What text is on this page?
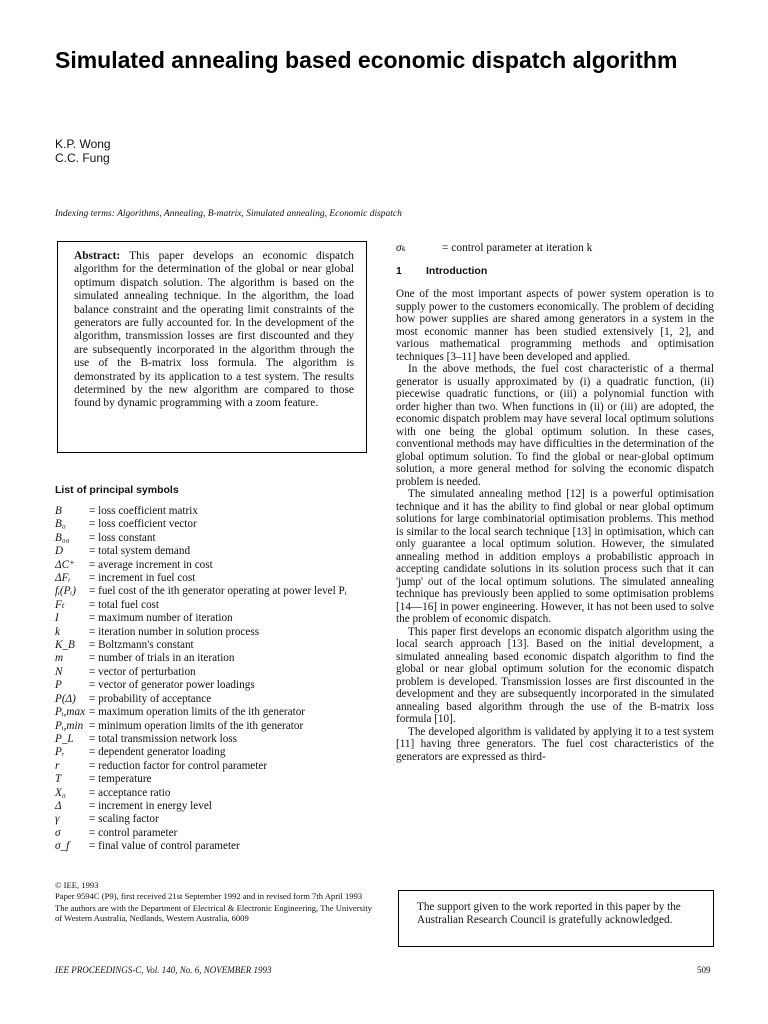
Simulated annealing based economic dispatch algorithm
K.P. Wong
C.C. Fung
Indexing terms: Algorithms, Annealing, B-matrix, Simulated annealing, Economic dispatch
Abstract: This paper develops an economic dispatch algorithm for the determination of the global or near global optimum dispatch solution. The algorithm is based on the simulated annealing technique. In the algorithm, the load balance constraint and the operating limit constraints of the generators are fully accounted for. In the development of the algorithm, transmission losses are first discounted and they are subsequently incorporated in the algorithm through the use of the B-matrix loss formula. The algorithm is demonstrated by its application to a test system. The results determined by the new algorithm are compared to those found by dynamic programming with a zoom feature.
List of principal symbols
B	= loss coefficient matrix
B₀	= loss coefficient vector
B₀₀	= loss constant
D	= total system demand
ΔC⁺	= average increment in cost
ΔFᵢ	= increment in fuel cost
fᵢ(Pᵢ)	= fuel cost of the ith generator operating at power level Pᵢ
Fₜ	= total fuel cost
I	= maximum number of iteration
k	= iteration number in solution process
K_B	= Boltzmann's constant
m	= number of trials in an iteration
N	= vector of perturbation
P	= vector of generator power loadings
P(Δ)	= probability of acceptance
Pᵢ,max = maximum operation limits of the ith generator
Pᵢ,min = minimum operation limits of the ith generator
P_L	= total transmission network loss
Pᵣ	= dependent generator loading
r	= reduction factor for control parameter
T	= temperature
X₀	= acceptance ratio
Δ	= increment in energy level
γ	= scaling factor
σ	= control parameter
σ_f	= final value of control parameter
© IEE, 1993
Paper 9594C (P9), first received 21st September 1992 and in revised form 7th April 1993
The authors are with the Department of Electrical & Electronic Engineering, The University of Western Australia, Nedlands, Western Australia, 6009
IEE PROCEEDINGS-C, Vol. 140, No. 6, NOVEMBER 1993	509
σₖ	= control parameter at iteration k
1 Introduction

One of the most important aspects of power system operation is to supply power to the customers economically. The problem of deciding how power supplies are shared among generators in a system in the most economic manner has been studied extensively [1, 2], and various mathematical programming methods and optimisation techniques [3–11] have been developed and applied.

In the above methods, the fuel cost characteristic of a thermal generator is usually approximated by (i) a quadratic function, (ii) piecewise quadratic functions, or (iii) a polynomial function with order higher than two. When functions in (ii) or (iii) are adopted, the economic dispatch problem may have several local optimum solutions with one being the global optimum solution. In these cases, conventional methods may have difficulties in the determination of the global optimum solution. To find the global or near-global optimum solution, a more general method for solving the economic dispatch problem is needed.

The simulated annealing method [12] is a powerful optimisation technique and it has the ability to find global or near global optimum solutions for large combinatorial optimisation problems. This method is similar to the local search technique [13] in optimisation, which can only guarantee a local optimum solution. However, the simulated annealing method in addition employs a probabilistic approach in accepting candidate solutions in its solution process such that it can 'jump' out of the local optimum solutions. The simulated annealing technique has previously been applied to some optimisation problems [14—16] in power engineering. However, it has not been used to solve the problem of economic dispatch.

This paper first develops an economic dispatch algorithm using the local search approach [13]. Based on the initial development, a simulated annealing based economic dispatch algorithm to find the global or near global optimum solution for the economic dispatch problem is developed. Transmission losses are first discounted in the development and they are subsequently incorporated in the simulated annealing based algorithm through the use of the B-matrix loss formula [10].

The developed algorithm is validated by applying it to a test system [11] having three generators. The fuel cost characteristics of the generators are expressed as third-

The support given to the work reported in this paper by the Australian Research Council is gratefully acknowledged.
